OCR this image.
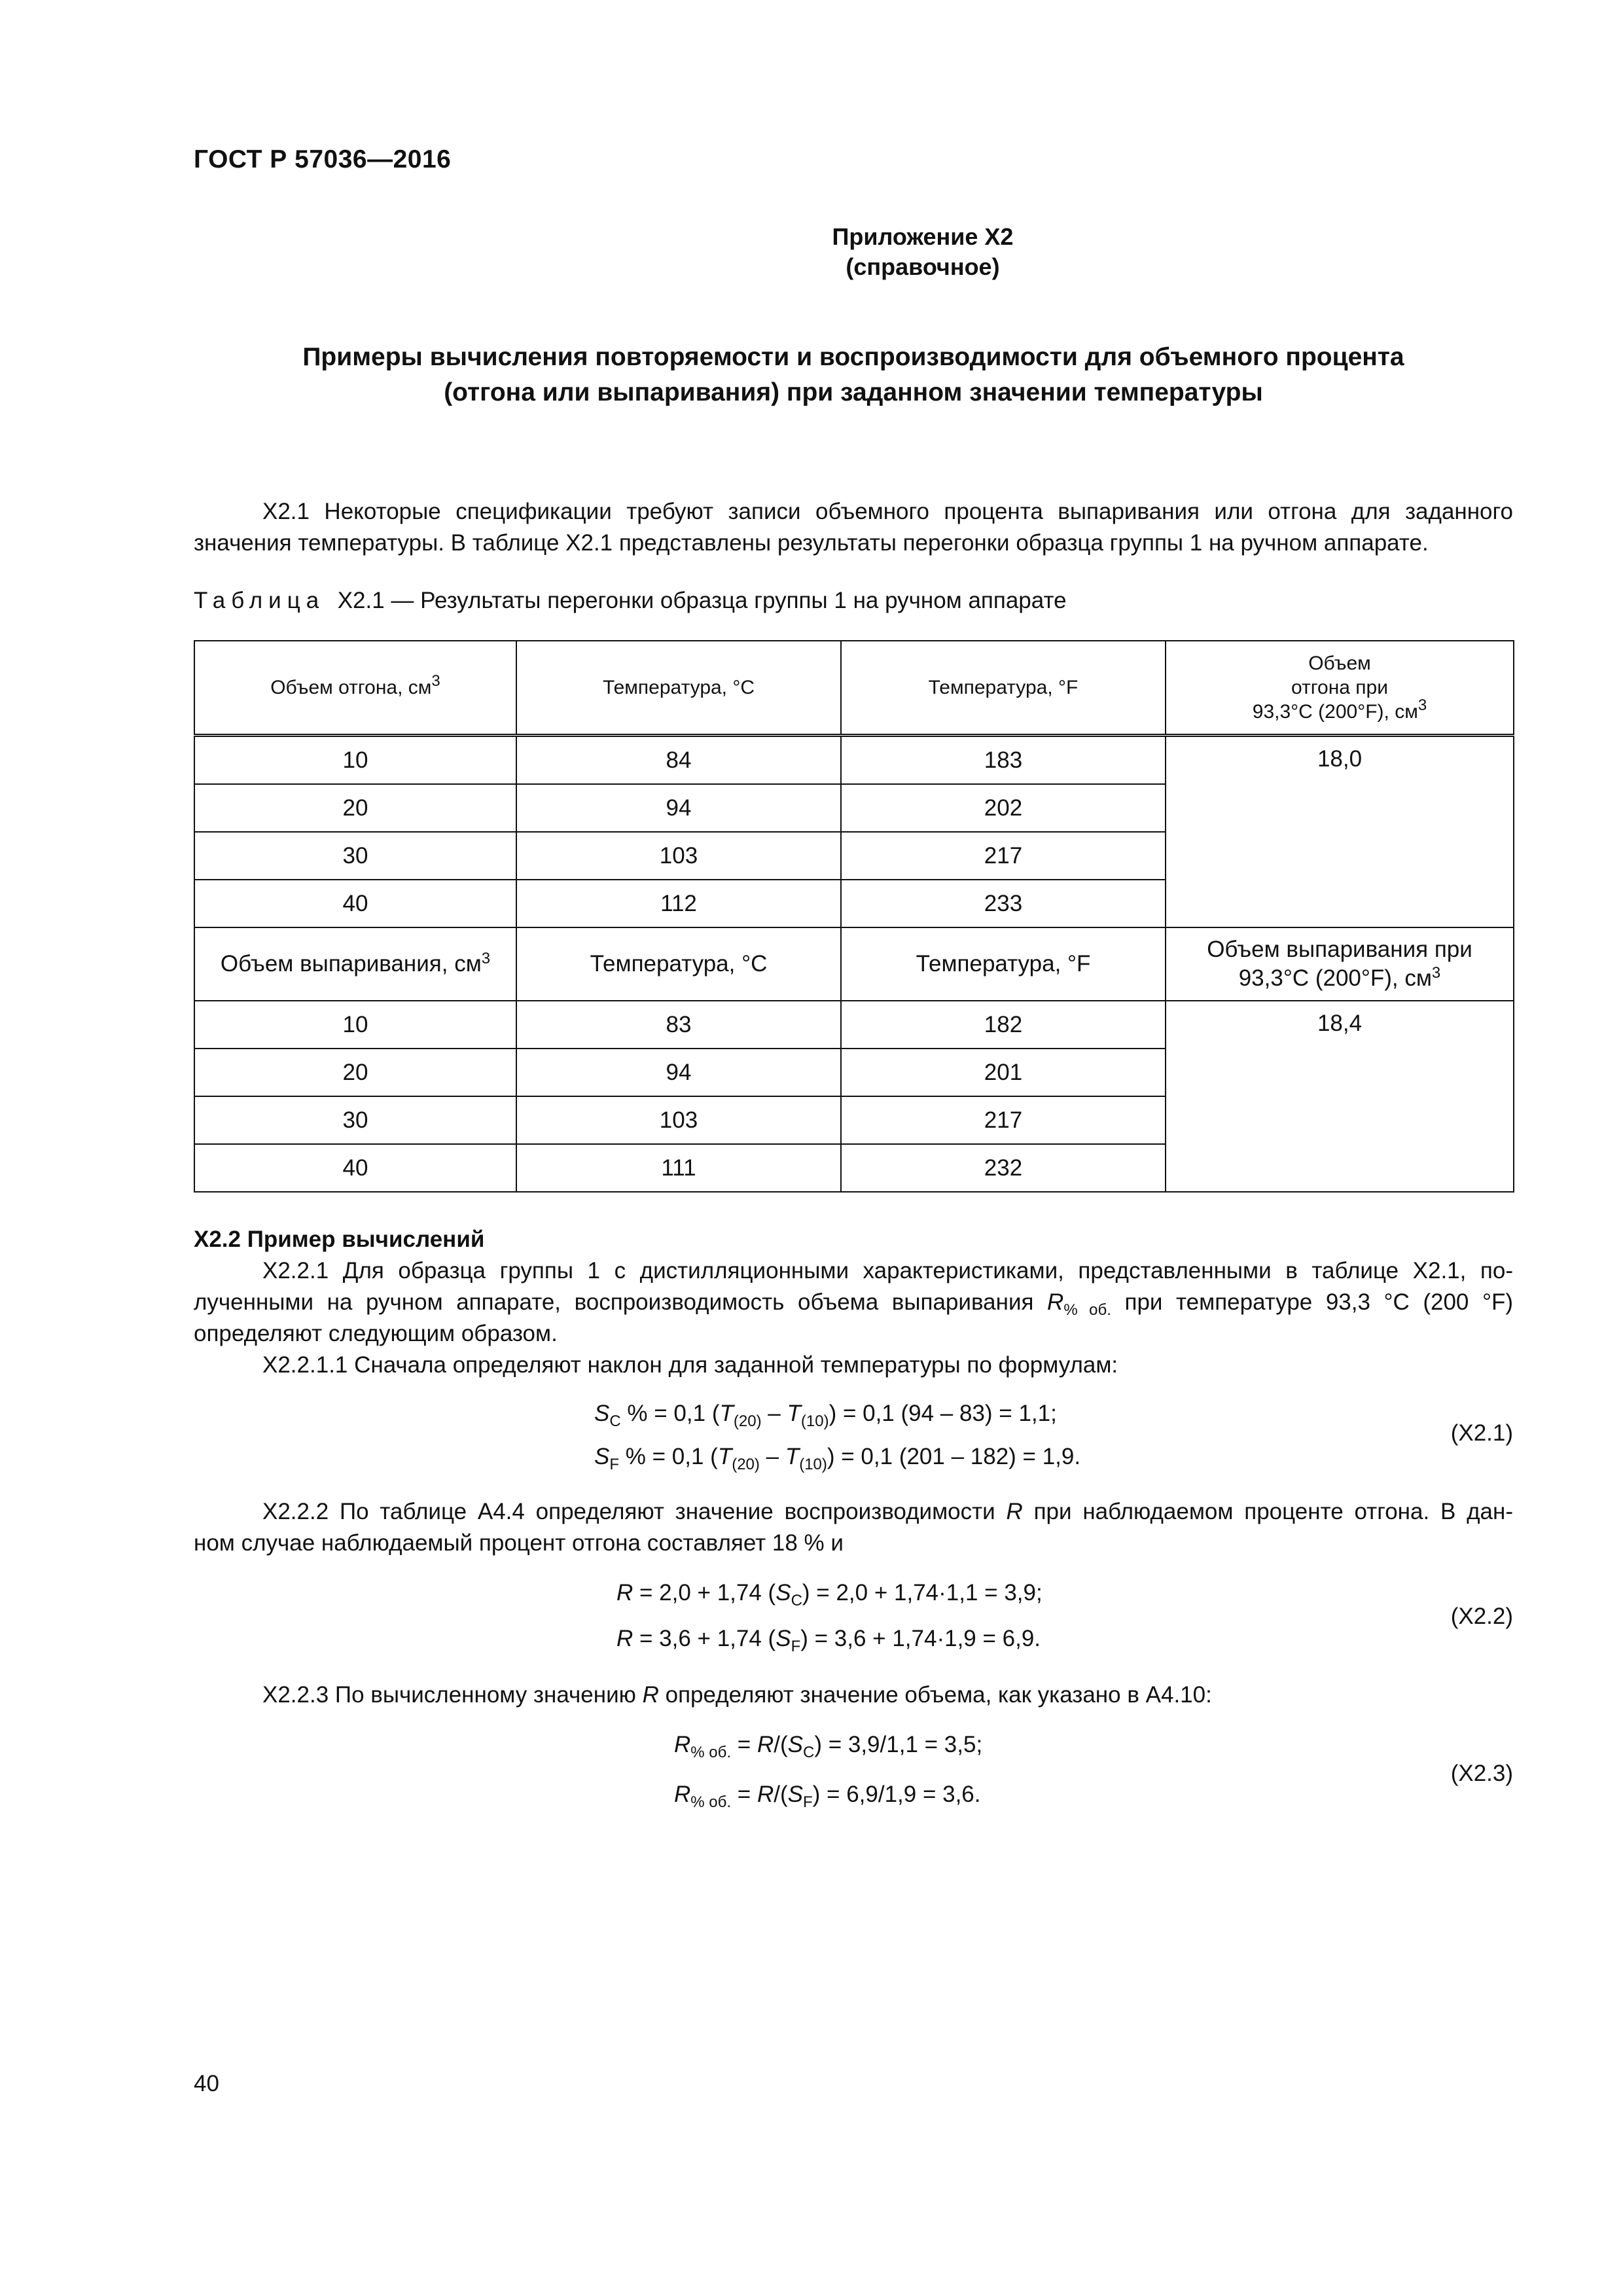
ГОСТ Р 57036—2016
Приложение Х2
(справочное)
Примеры вычисления повторяемости и воспроизводимости для объемного процента
(отгона или выпаривания) при заданном значении температуры
Х2.1 Некоторые спецификации требуют записи объемного процента выпаривания или отгона для заданного
значения температуры. В таблице Х2.1 представлены результаты перегонки образца группы 1 на ручном аппарате.
Таблица Х2.1 — Результаты перегонки образца группы 1 на ручном аппарате
Объем отгона, $см^3$	Температура, °С	Температура, °F	Объем
отгона при
93,3°С (200°F), $см^3$

10	84	183	18,0
20	94	202	
30	103	217	
40	112	233	
Объем выпаривания, $см^3$	Температура, °С	Температура, °F	Объем выпаривания при
93,3°С (200°F), $см^3$

10	83	182	18,4
20	94	201	
30	103	217	
40	111	232	
Х2.2 Пример вычислений
Х2.2.1 Для образца группы 1 с дистилляционными характеристиками, представленными в таблице Х2.1, по-
лученными на ручном аппарате, воспроизводимость объема выпаривания $R_{\% об.}$ при температуре 93,3 °С (200 °F)
определяют следующим образом.
Х2.2.1.1 Сначала определяют наклон для заданной температуры по формулам:
$S_C$ % = 0,1 $(T_{(20)} - T_{(10)}) = 0,1$ (94 – 83) = 1,1;
$S_F$ % = 0,1 $(T_{(20)} - T_{(10)}) = 0,1$ (201 – 182) = 1,9.
(Х2.1)
Х2.2.2 По таблице А4.4 определяют значение воспроизводимости R при наблюдаемом проценте отгона. В дан-
ном случае наблюдаемый процент отгона составляет 18 % и
R = 2,0 + 1,74 $(S_C) = 2,0 + 1,74\cdot 1,1 = 3,9$;
R = 3,6 + 1,74 $(S_F) = 3,6 + 1,74\cdot 1,9 = 6,9$.
(Х2.2)
Х2.2.3 По вычисленному значению R определяют значение объема, как указано в А4.10:
$R_{\% об.} = R/(S_C) = 3,9/1,1 = 3,5$;
$R_{\% об.} = R/(S_F) = 6,9/1,9 = 3,6$.
(Х2.3)
40
